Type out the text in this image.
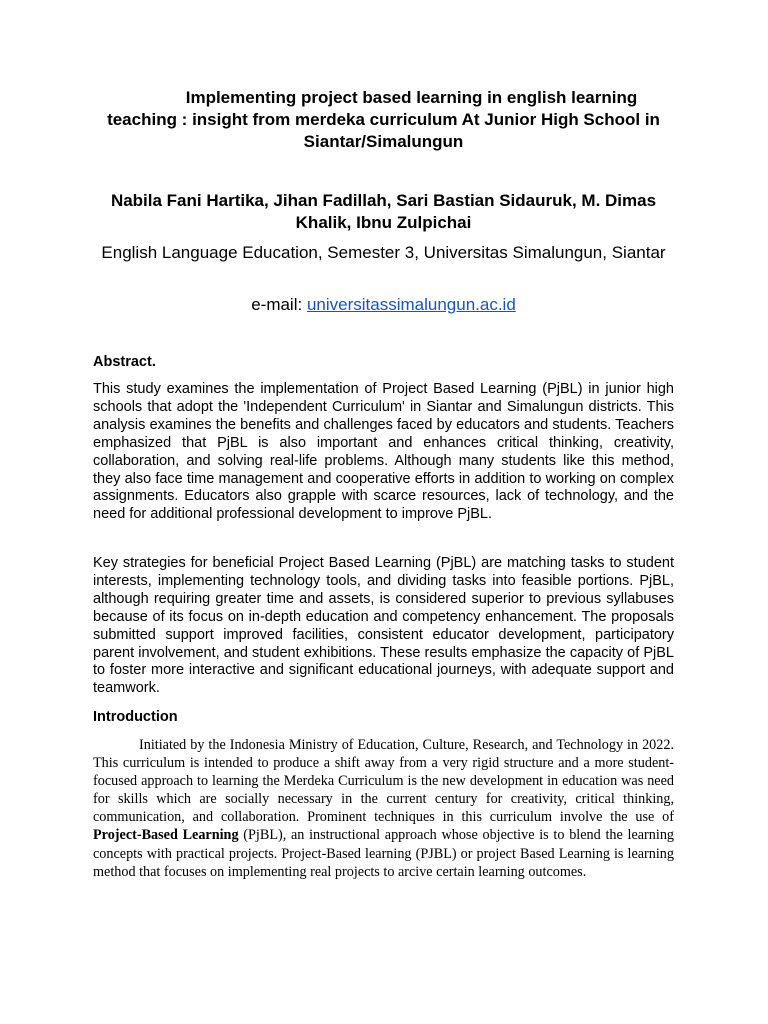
Implementing project based learning in english learning teaching : insight from merdeka curriculum At Junior High School in Siantar/Simalungun
Nabila Fani Hartika, Jihan Fadillah, Sari Bastian Sidauruk, M. Dimas Khalik, Ibnu Zulpichai
English Language Education, Semester 3, Universitas Simalungun, Siantar
e-mail: universitassimalungun.ac.id
Abstract.

This study examines the implementation of Project Based Learning (PjBL) in junior high schools that adopt the 'Independent Curriculum' in Siantar and Simalungun districts. This analysis examines the benefits and challenges faced by educators and students. Teachers emphasized that PjBL is also important and enhances critical thinking, creativity, collaboration, and solving real-life problems. Although many students like this method, they also face time management and cooperative efforts in addition to working on complex assignments. Educators also grapple with scarce resources, lack of technology, and the need for additional professional development to improve PjBL.

Key strategies for beneficial Project Based Learning (PjBL) are matching tasks to student interests, implementing technology tools, and dividing tasks into feasible portions. PjBL, although requiring greater time and assets, is considered superior to previous syllabuses because of its focus on in-depth education and competency enhancement. The proposals submitted support improved facilities, consistent educator development, participatory parent involvement, and student exhibitions. These results emphasize the capacity of PjBL to foster more interactive and significant educational journeys, with adequate support and teamwork.

Introduction

Initiated by the Indonesia Ministry of Education, Culture, Research, and Technology in 2022. This curriculum is intended to produce a shift away from a very rigid structure and a more student-focused approach to learning the Merdeka Curriculum is the new development in education was need for skills which are socially necessary in the current century for creativity, critical thinking, communication, and collaboration. Prominent techniques in this curriculum involve the use of Project-Based Learning (PjBL), an instructional approach whose objective is to blend the learning concepts with practical projects. Project-Based learning (PJBL) or project Based Learning is learning method that focuses on implementing real projects to arcive certain learning outcomes.
